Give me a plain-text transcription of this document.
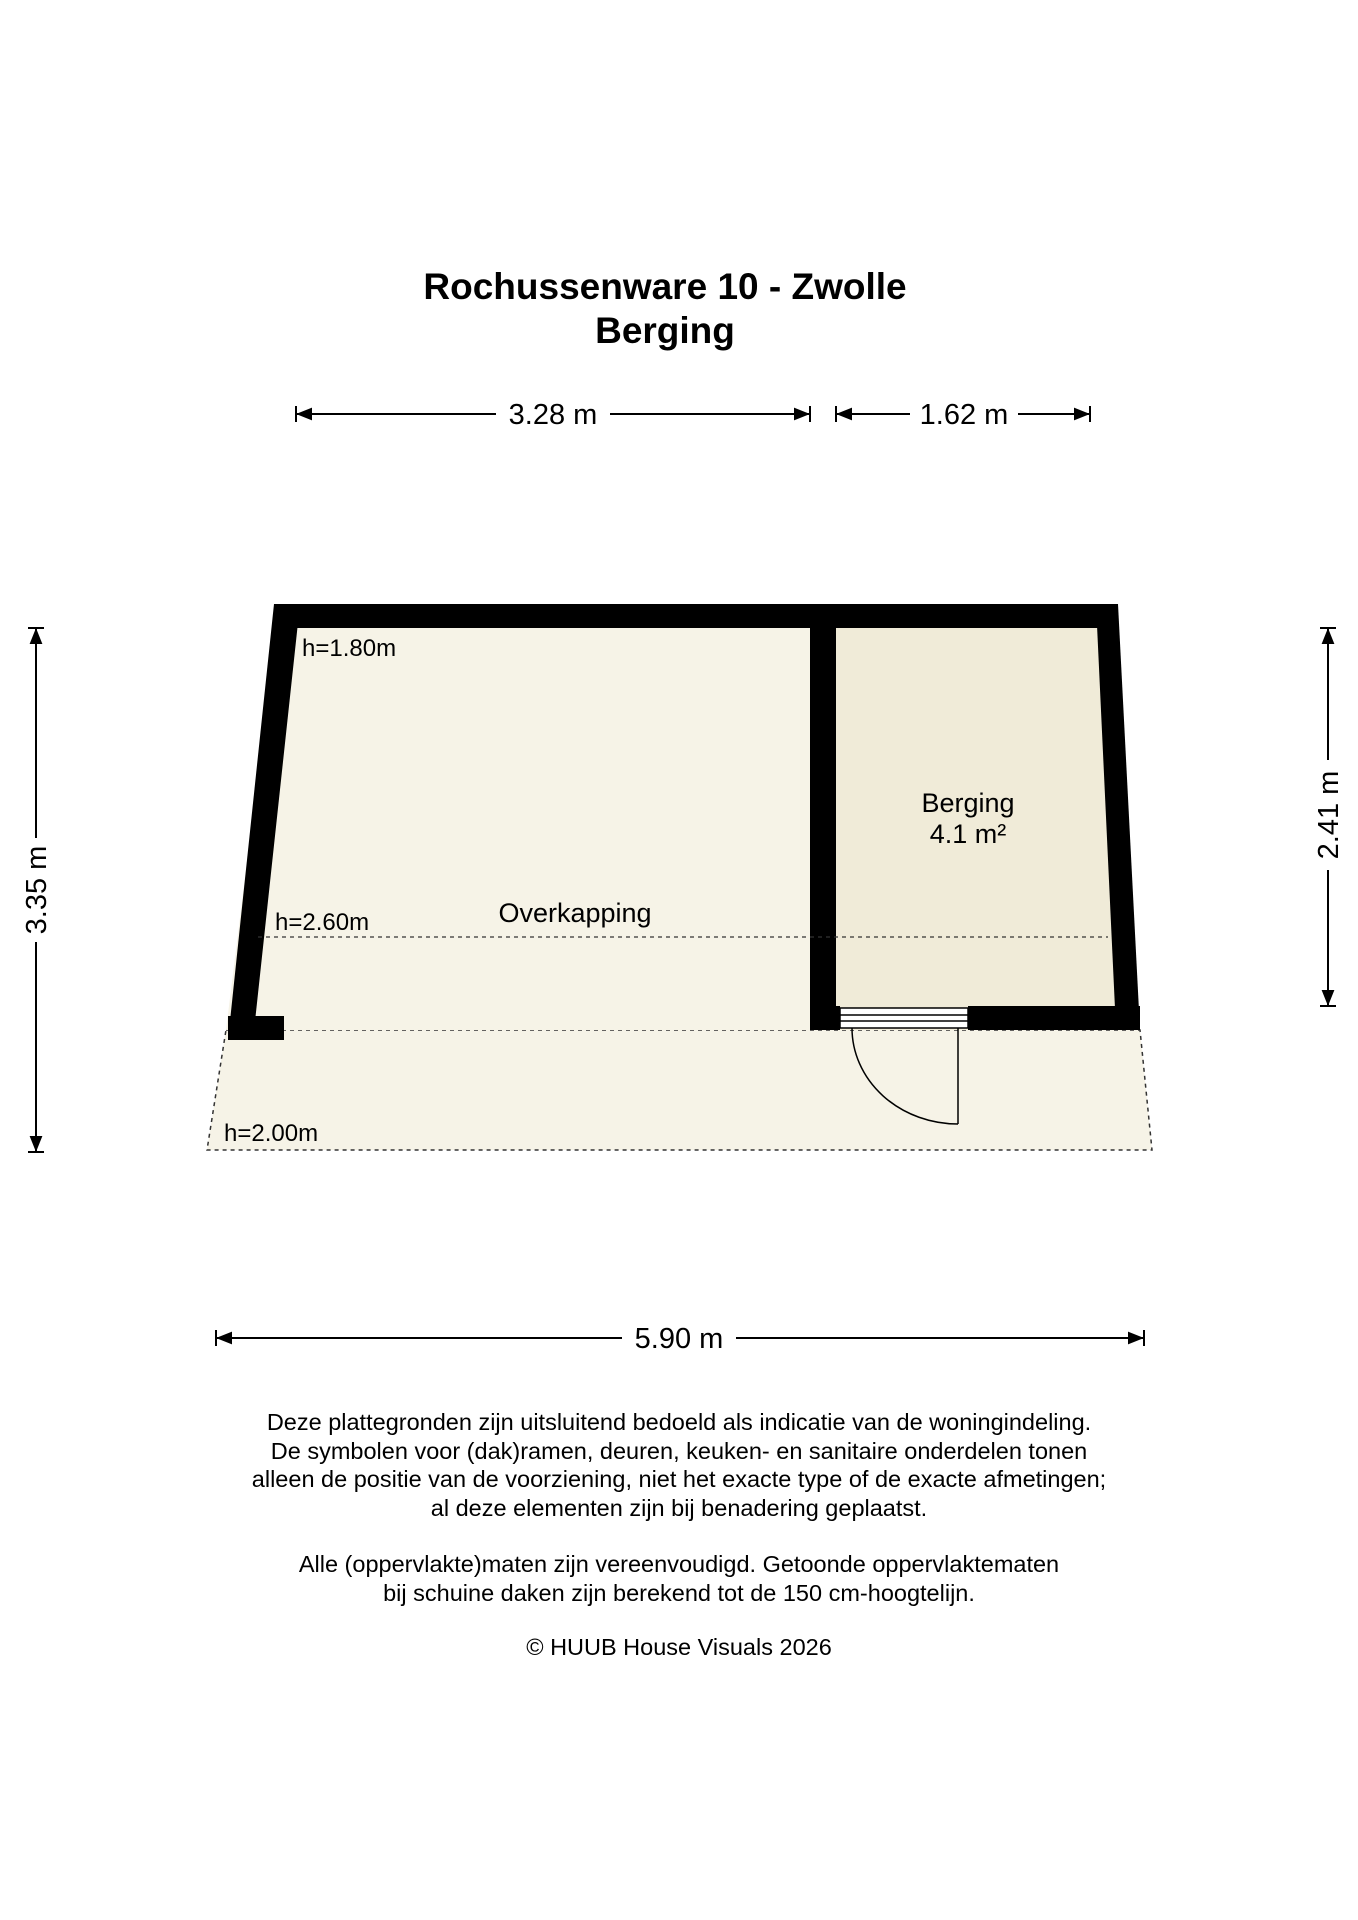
Rochussenware 10 - Zwolle
Berging
3.28 m	1.62 m
3.35 m
2.41 m
5.90 m
Berging
4.1 m²
Overkapping
h=1.80m
h=2.60m
h=2.00m
Deze plattegronden zijn uitsluitend bedoeld als indicatie van de woningindeling.
De symbolen voor (dak)ramen, deuren, keuken- en sanitaire onderdelen tonen
alleen de positie van de voorziening, niet het exacte type of de exacte afmetingen;
al deze elementen zijn bij benadering geplaatst.
Alle (oppervlakte)maten zijn vereenvoudigd. Getoonde oppervlaktematen
bij schuine daken zijn berekend tot de 150 cm-hoogtelijn.
© HUUB House Visuals 2026
